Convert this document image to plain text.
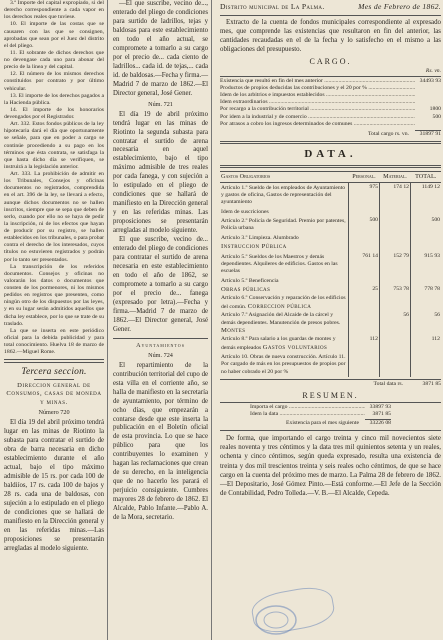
3.ª Importe del capital expropiado, si del derecho correspondiente a cada vapor en los derechos reales que tuviese.

10. El importe de las costas que se causaren con las que se consignen, aprobadas que sean por el Juez del distrito el del pliego.

11. El sobrante de dichos derechos que no devengase cada uno para abonar del precio de la linea y del capital.

12. El número de los mismos derechos constituidos por contrato y por último vehicular.

13. El importe de los derechos pagados a la Hacienda pública.

14. El importe de los honorarios devengados por el Registrador.

Art. 332. Estos fondos públicos de la ley hipotecaria dará el día que oportunamente se señale, para que en poder a cargo se continúe procediendo a su pago en los términos que ésta contrata, se satisfaga la que hasta dicho día se verifiquen, se instruirá a la legislación anterior.

Art. 333. La prohibición de admitir en los Tribunales, Consejos y oficinas documentos no registrados, comprendida en el art. 396 de la ley, se llevará a efecto, aunque dichos documentos no se hallen inscritos, siempre que se sepa que deben de serlo, cuando por ello no se haya de pedir la inscripción, ni de los efectos que hayan de producir por su registro, se hallen establecidos en los tribunales, o para probar contra el derecho de los interesados, cuyos títulos no estuvieren registrados y podrán por lo tanto ser presentados.

La transcripción de los referidos documentos. Consejos y oficinas no valorarán los datos o documentos que consten de los pormenores, ni los mismos pedidos en registros que presenten, como ningún otro de los dispuestos por las leyes, y en su lugar serán admitidos aquellos que dicha ley establece, por lo que se trate de su traslado.

La que se inserta en este periódico oficial para la debida publicidad y para total conocimiento. Huelva 18 de marzo de 1862.—Miguel Rome.

Tercera seccion.
Direccion general de Consumos, casas de moneda y minas.
Número 720

El día 19 del abril próximo tendrá lugar en las minas de Riotinto la subasta para contratar el surtido de obra de barra necesaria en dicho establecimiento durante el año actual, bajo el tipo máximo admisible de 15 rs. por cada 100 de baldiíos, 17 rs. cada 100 de bajos y 28 rs. cada una de baldosas, con sujeción a lo estipulado en el pliego de condiciones que se hallará de manifiesto en la Dirección general y en las referidas minas.—Las proposiciones se presentarán arregladas al modelo siguiente.

—El que suscribe, vecino de..., enterado del pliego de condiciones para surtido de ladrillos, tejas y baldosas para este establecimiento en todo el año actual, se compromete a tomarlo a su cargo por el precio de... cada ciento de ladrillos... cada id. de tejas,... cada id. de baldosas.—Fecha y firma.—Madrid 7 de marzo de 1862.—El Director general, José Gener.

Núm. 721

El día 19 de abril próximo tendrá lugar en las minas de Riotinto la segunda subasta para contratar el surtido de arena necesaria en aquel establecimiento, bajo el tipo máximo admisible de tres reales por cada fanega, y con sujeción a lo estipulado en el pliego de condiciones que se hallará de manifiesto en la Dirección general y en las referidas minas. Las proposiciones se presentarán arregladas al modelo siguiente.

El que suscribe, vecino de... enterado del pliego de condiciones para contratar el surtido de arena necesaria en este establecimiento en todo el año de 1862, se compromete a tomarlo a su cargo por el precio de... fanega (expresado por letra).—Fecha y firma.—Madrid 7 de marzo de 1862.—El Director general, José Gener.

Ayuntamientos
Núm. 724

El repartimiento de la contribución territorial del cupo de esta villa en el corriente año, se halla de manifiesto en la secretaría de ayuntamiento, por término de ocho días, que empezarán a contarse desde que este inserta la publicación en el Boletín oficial de esta provincia. Lo que se hace público para que los contribuyentes lo examinen y hagan las reclamaciones que crean de su derecho, en la inteligencia que de no hacerlo les parará el perjuicio consiguiente. Cumbres mayores 28 de febrero de 1862. El Alcalde, Pablo Infante.—Pablo A. de la Mora, secretario.

Distrito municipal de La Palma.	Mes de Febrero de 1862.

Extracto de la cuenta de fondos municipales correspondiente al expresado mes, que comprende las existencias que resultaron en fin del anterior, las cantidades recaudadas en el de la fecha y lo satisfecho en el mismo a las obligaciones del presupuesto.

CARGO.
Rs. vn.
Existencia que resultó en fin del mes anterior .....	34493 93
Productos de propios deducidas las contribuciones y el 20 por % .....
Idem de los arbitrios e impuestos establecidos .....
Idem extraordinarios .....
Por recargo a la contribución territorial .....	1800
Por idem a la industrial y de comercio .....	500
Por atrasos a cobro los ingresos determinados de comunes .....
Total cargo rs. vn.	31897 91
DATA.
Gastos Obligatorios	Personal.	Material.	TOTAL.
Artículo 1.º Sueldo de los empleados de Ayuntamiento y gastos de oficina, Gastos de representación del ayuntamiento	975	174 12	1149 12
Idem de suscriciones			
Artículo 2.º Policía de Seguridad. Premio por patentes, Policía urbana	500		500
Artículo 3.º Limpieza. Alumbrado			
Instruccion Pública			
Artículo 5.º Sueldos de los Maestros y demás dependientes. Alquileres de edificios. Gastos en las escuelas	761 14	152 79	915 93
Artículo 5.º Beneficencia			
Obras públicas	25	753 78	778 78
Artículo 6.º Conservación y reparación de los edificios del común. Correccion pública			
Artículo 7.º Asignación del Alcaide de la cárcel y demás dependientes. Manutención de presos pobres. Montes		56	56
Artículo 8.º Para salario a los guardas de montes y demás empleados Gastos voluntarios	112		112
Artículo 10. Obras de nueva construcción. Artículo 11. Por cargado de más en los presupuestos de propios por no haber cobrado el 20 por %			
Total data rs.	3871 85
RESUMEN.
Importa el cargo .....	33897 93
Idem la data .....	3871 85
Existencia para el mes siguiente	33226 08

De forma, que importando el cargo treinta y cinco mil novecientos siete reales noventa y tres céntimos y la data tres mil quinientos setenta y un reales, ochenta y cinco céntimos, según queda expresado, resulta una existencia de treinta y dos mil trescientos treinta y seis reales ocho céntimos, de que se hace cargo en la cuenta del próximo mes de marzo. La Palma 28 de febrero de 1862.—El Depositario, José Gómez Pinto.—Está conforme.—El Jefe de la Sección de Contabilidad, Pedro Tolleda.—V. B.—El Alcalde, Cepeda.
